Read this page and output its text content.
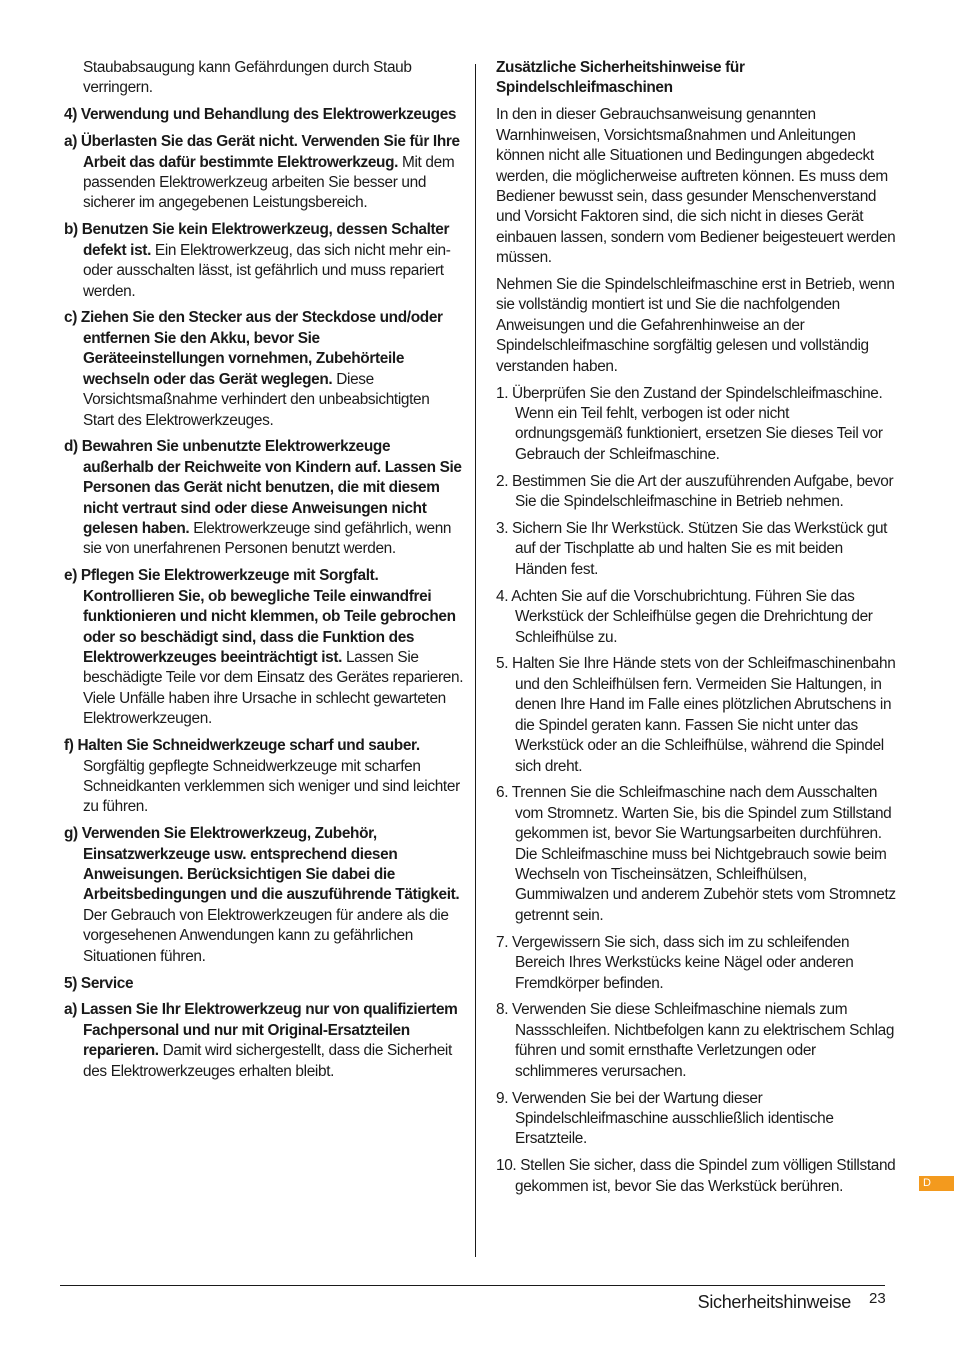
Staubabsaugung kann Gefährdungen durch Staub verringern.

4) Verwendung und Behandlung des Elektrowerkzeuges

a) Überlasten Sie das Gerät nicht. Verwenden Sie für Ihre Arbeit das dafür bestimmte Elektrowerkzeug. Mit dem passenden Elektrowerkzeug arbeiten Sie besser und sicherer im angegebenen Leistungsbereich.

b) Benutzen Sie kein Elektrowerkzeug, dessen Schalter defekt ist. Ein Elektrowerkzeug, das sich nicht mehr ein- oder ausschalten lässt, ist gefährlich und muss repariert werden.

c) Ziehen Sie den Stecker aus der Steckdose und/oder entfernen Sie den Akku, bevor Sie Geräteeinstellungen vornehmen, Zubehörteile wechseln oder das Gerät weglegen. Diese Vorsichtsmaßnahme verhindert den unbeabsichtigten Start des Elektrowerkzeuges.

d) Bewahren Sie unbenutzte Elektrowerkzeuge außerhalb der Reichweite von Kindern auf. Lassen Sie Personen das Gerät nicht benutzen, die mit diesem nicht vertraut sind oder diese Anweisungen nicht gelesen haben. Elektrowerkzeuge sind gefährlich, wenn sie von unerfahrenen Personen benutzt werden.

e) Pflegen Sie Elektrowerkzeuge mit Sorgfalt. Kontrollieren Sie, ob bewegliche Teile einwandfrei funktionieren und nicht klemmen, ob Teile gebrochen oder so beschädigt sind, dass die Funktion des Elektrowerkzeuges beeinträchtigt ist. Lassen Sie beschädigte Teile vor dem Einsatz des Gerätes reparieren. Viele Unfälle haben ihre Ursache in schlecht gewarteten Elektrowerkzeugen.

f) Halten Sie Schneidwerkzeuge scharf und sauber. Sorgfältig gepflegte Schneidwerkzeuge mit scharfen Schneidkanten verklemmen sich weniger und sind leichter zu führen.

g) Verwenden Sie Elektrowerkzeug, Zubehör, Einsatzwerkzeuge usw. entsprechend diesen Anweisungen. Berücksichtigen Sie dabei die Arbeitsbedingungen und die auszuführende Tätigkeit. Der Gebrauch von Elektrowerkzeugen für andere als die vorgesehenen Anwendungen kann zu gefährlichen Situationen führen.

5) Service

a) Lassen Sie Ihr Elektrowerkzeug nur von qualifiziertem Fachpersonal und nur mit Original-Ersatzteilen reparieren. Damit wird sichergestellt, dass die Sicherheit des Elektrowerkzeuges erhalten bleibt.

Zusätzliche Sicherheitshinweise für Spindelschleifmaschinen

In den in dieser Gebrauchsanweisung genannten Warnhinweisen, Vorsichtsmaßnahmen und Anleitungen können nicht alle Situationen und Bedingungen abgedeckt werden, die möglicherweise auftreten können. Es muss dem Bediener bewusst sein, dass gesunder Menschenverstand und Vorsicht Faktoren sind, die sich nicht in dieses Gerät einbauen lassen, sondern vom Bediener beigesteuert werden müssen.

Nehmen Sie die Spindelschleifmaschine erst in Betrieb, wenn sie vollständig montiert ist und Sie die nachfolgenden Anweisungen und die Gefahrenhinweise an der Spindelschleifmaschine sorgfältig gelesen und vollständig verstanden haben.

1. Überprüfen Sie den Zustand der Spindelschleifmaschine. Wenn ein Teil fehlt, verbogen ist oder nicht ordnungsgemäß funktioniert, ersetzen Sie dieses Teil vor Gebrauch der Schleifmaschine.

2. Bestimmen Sie die Art der auszuführenden Aufgabe, bevor Sie die Spindelschleifmaschine in Betrieb nehmen.

3. Sichern Sie Ihr Werkstück. Stützen Sie das Werkstück gut auf der Tischplatte ab und halten Sie es mit beiden Händen fest.

4. Achten Sie auf die Vorschubrichtung. Führen Sie das Werkstück der Schleifhülse gegen die Drehrichtung der Schleifhülse zu.

5. Halten Sie Ihre Hände stets von der Schleifmaschinenbahn und den Schleifhülsen fern. Vermeiden Sie Haltungen, in denen Ihre Hand im Falle eines plötzlichen Abrutschens in die Spindel geraten kann. Fassen Sie nicht unter das Werkstück oder an die Schleifhülse, während die Spindel sich dreht.

6. Trennen Sie die Schleifmaschine nach dem Ausschalten vom Stromnetz. Warten Sie, bis die Spindel zum Stillstand gekommen ist, bevor Sie Wartungsarbeiten durchführen. Die Schleifmaschine muss bei Nichtgebrauch sowie beim Wechseln von Tischeinsätzen, Schleifhülsen, Gummiwalzen und anderem Zubehör stets vom Stromnetz getrennt sein.

7. Vergewissern Sie sich, dass sich im zu schleifenden Bereich Ihres Werkstücks keine Nägel oder anderen Fremdkörper befinden.

8. Verwenden Sie diese Schleifmaschine niemals zum Nassschleifen. Nichtbefolgen kann zu elektrischem Schlag führen und somit ernsthafte Verletzungen oder schlimmeres verursachen.

9. Verwenden Sie bei der Wartung dieser Spindelschleifmaschine ausschließlich identische Ersatzteile.

10. Stellen Sie sicher, dass die Spindel zum völligen Stillstand gekommen ist, bevor Sie das Werkstück berühren.	D
Sicherheitshinweise 23
